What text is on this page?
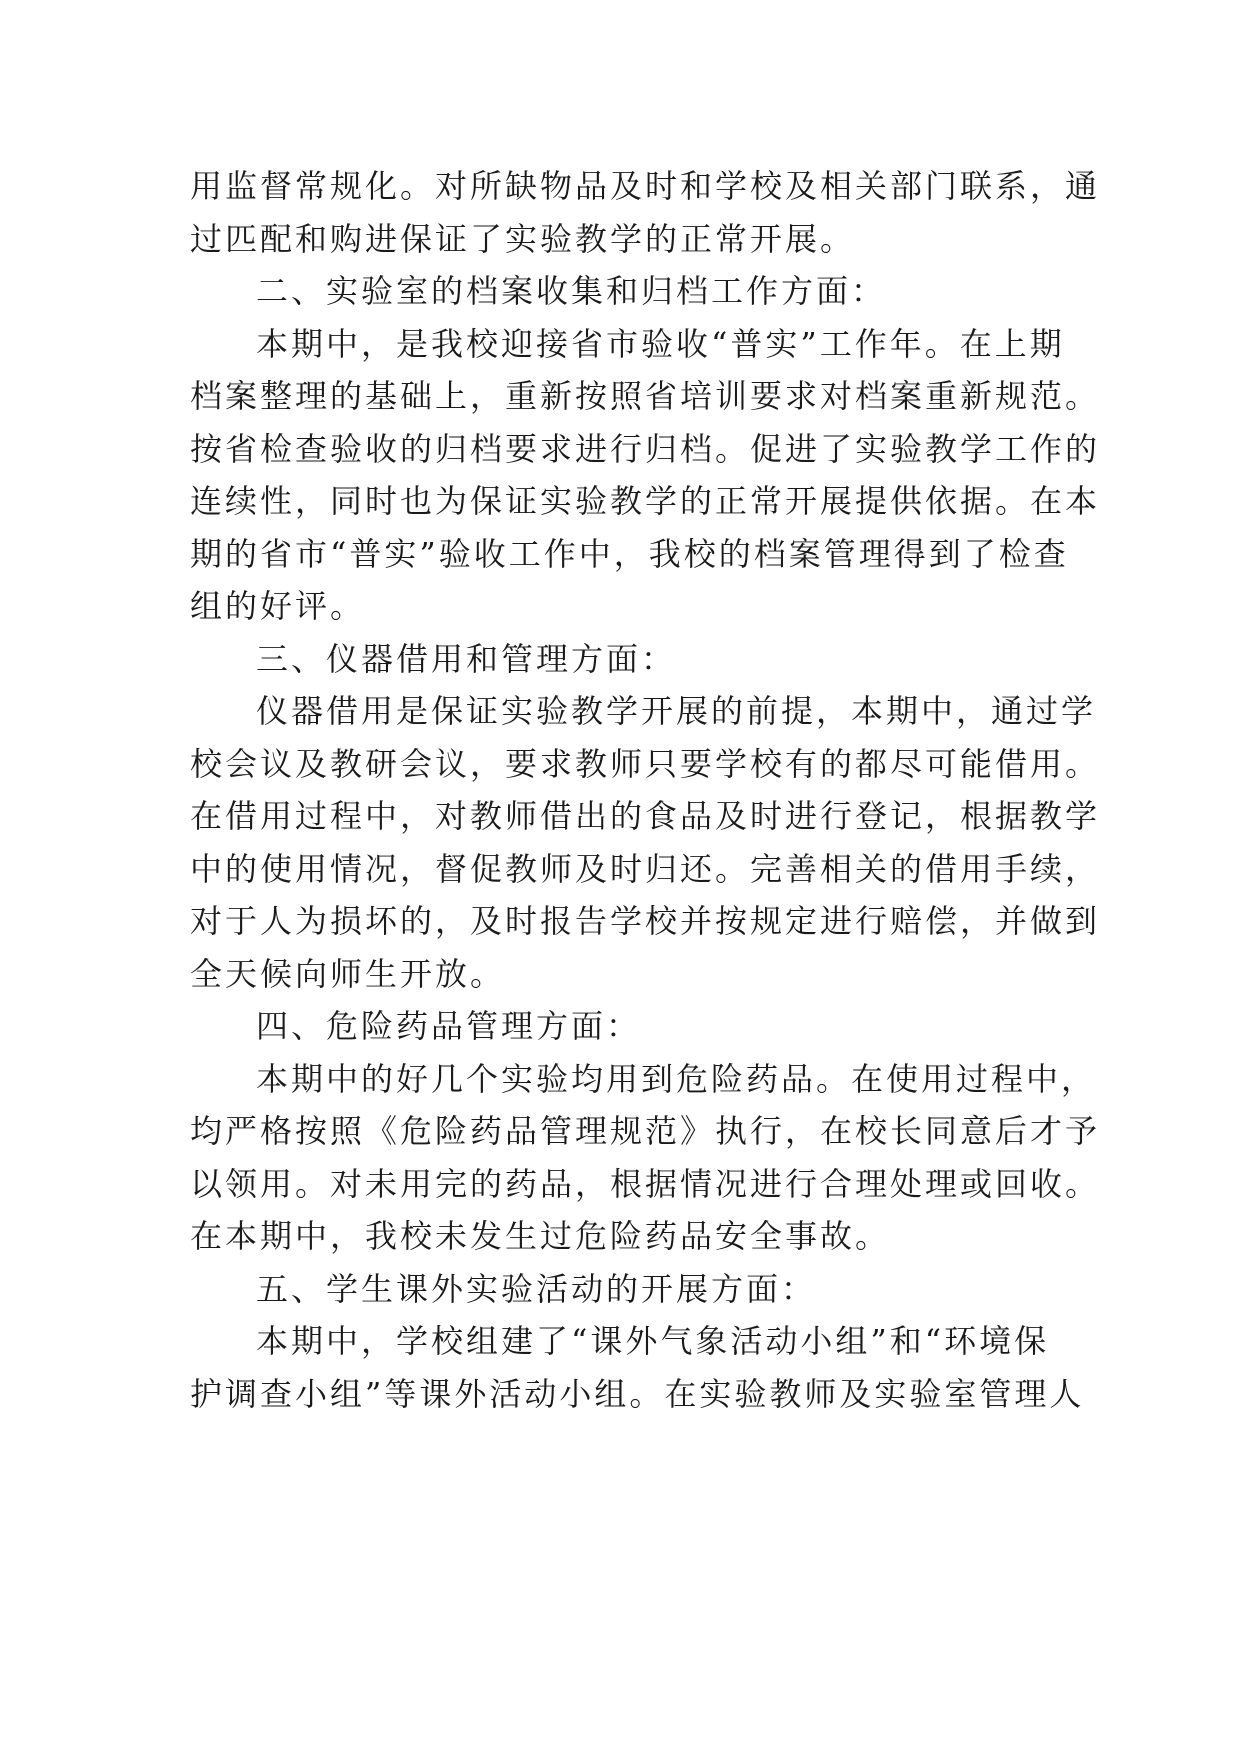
用监督常规化。对所缺物品及时和学校及相关部门联系，通
过匹配和购进保证了实验教学的正常开展。
二、实验室的档案收集和归档工作方面：
本期中，是我校迎接省市验收“普实”工作年。在上期
档案整理的基础上，重新按照省培训要求对档案重新规范。
按省检查验收的归档要求进行归档。促进了实验教学工作的
连续性，同时也为保证实验教学的正常开展提供依据。在本
期的省市“普实”验收工作中，我校的档案管理得到了检查
组的好评。
三、仪器借用和管理方面：
仪器借用是保证实验教学开展的前提，本期中，通过学
校会议及教研会议，要求教师只要学校有的都尽可能借用。
在借用过程中，对教师借出的食品及时进行登记，根据教学
中的使用情况，督促教师及时归还。完善相关的借用手续，
对于人为损坏的，及时报告学校并按规定进行赔偿，并做到
全天候向师生开放。
四、危险药品管理方面：
本期中的好几个实验均用到危险药品。在使用过程中，
均严格按照《危险药品管理规范》执行，在校长同意后才予
以领用。对未用完的药品，根据情况进行合理处理或回收。
在本期中，我校未发生过危险药品安全事故。
五、学生课外实验活动的开展方面：
本期中，学校组建了“课外气象活动小组”和“环境保
护调查小组”等课外活动小组。在实验教师及实验室管理人
